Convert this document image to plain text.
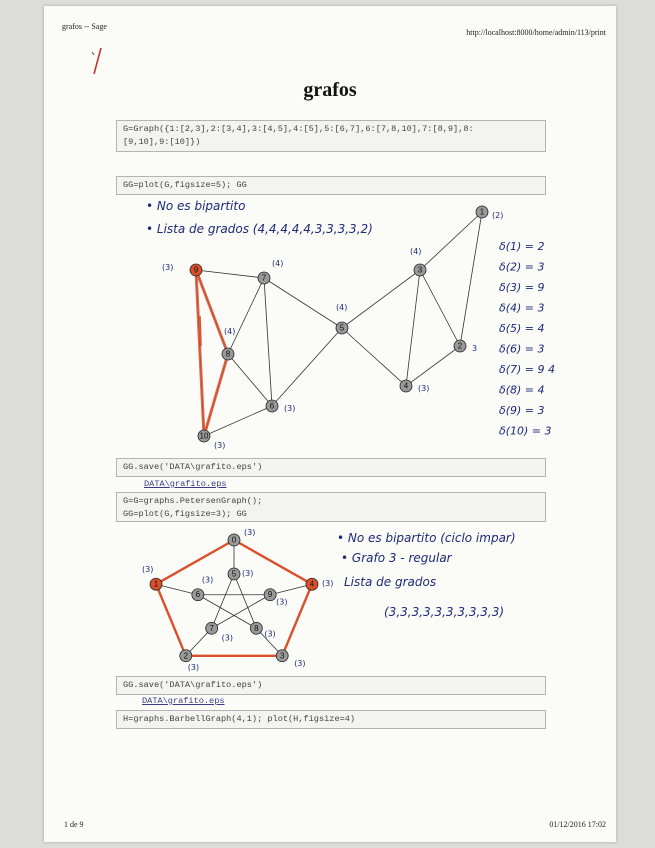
grafos -- Sage
http://localhost:8000/home/admin/113/print
grafos
G=Graph({1:[2,3],2:[3,4],3:[4,5],4:[5],5:[6,7],6:[7,8,10],7:[8,9],8:
[9,10],9:[10]})
GG=plot(G,figsize=5); GG
1 (2)
2 3
3
(4)
4 (3)
5
(4)
6 (3)
7
(4)
8
(4)
9
(3)
10
(3)
• No es bipartito
• Lista de grados (4,4,4,4,4,3,3,3,3,2)
δ(1) = 2
δ(2) = 3
δ(3) = 9
δ(4) = 3
δ(5) = 4
δ(6) = 3
δ(7) = 9 4
δ(8) = 4
δ(9) = 3
δ(10) = 3
GG.save('DATA\grafito.eps')
DATA\grafito.eps
G=G=graphs.PetersenGraph();
GG=plot(G,figsize=3); GG
0
(3)
1
(3)
2
(3)
3
(3)
4 (3)
5 (3)
6
(3)
7
(3)
8
(3)
9
(3)
• No es bipartito (ciclo impar)
• Grafo 3 - regular
Lista de grados
(3,3,3,3,3,3,3,3,3,3)
GG.save('DATA\grafito.eps')
DATA\grafito.eps
H=graphs.BarbellGraph(4,1); plot(H,figsize=4)
1 de 9	01/12/2016 17:02
